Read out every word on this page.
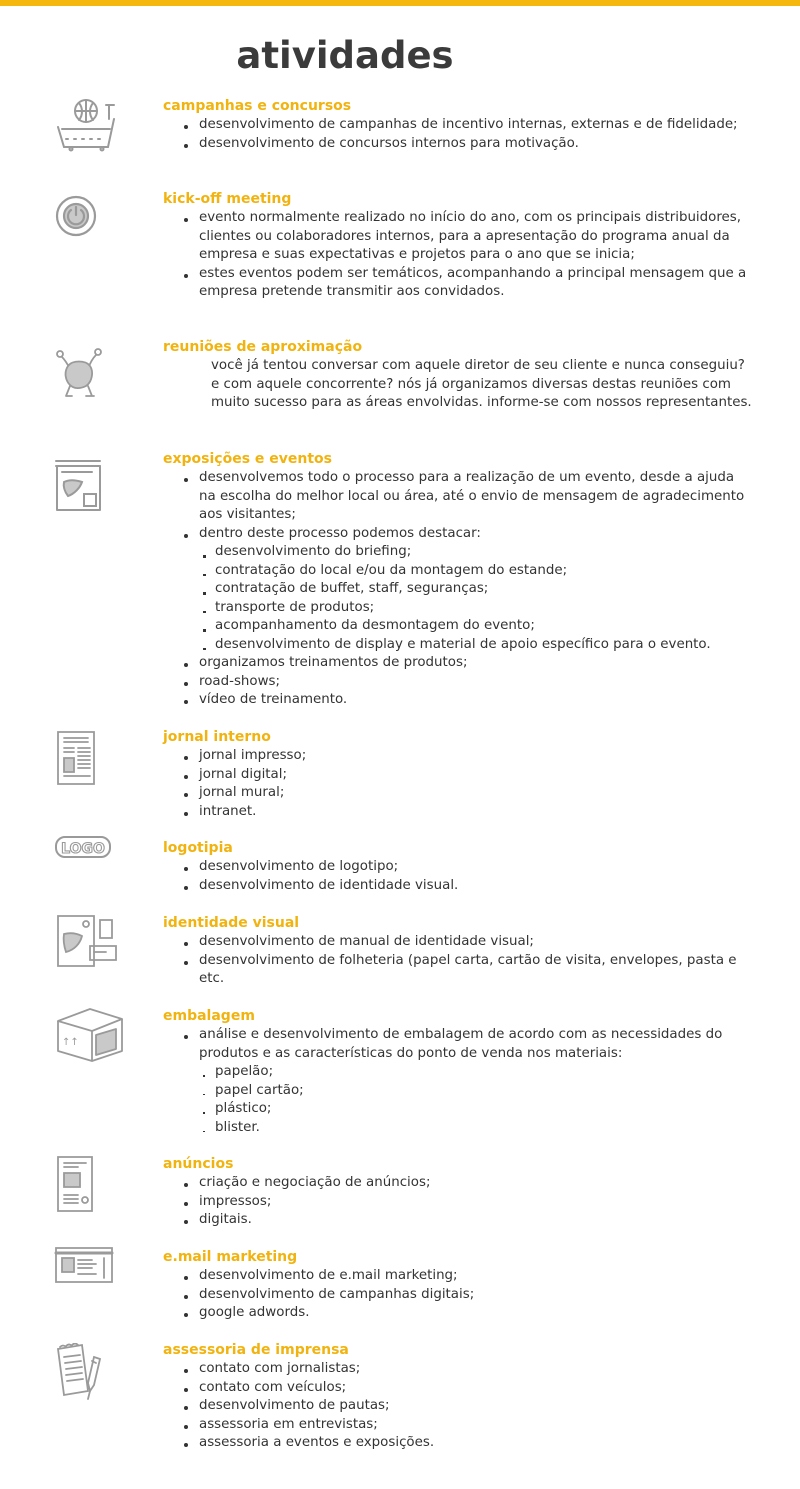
atividades
campanhas e concursos
desenvolvimento de campanhas de incentivo internas, externas e de fidelidade;
desenvolvimento de concursos internos para motivação.
kick-off meeting
evento normalmente realizado no início do ano, com os principais distribuidores, clientes ou colaboradores internos, para a apresentação do programa anual da empresa e suas expectativas e projetos para o ano que se inicia;
estes eventos podem ser temáticos, acompanhando a principal mensagem que a empresa pretende transmitir aos convidados.
reuniões de aproximação

você já tentou conversar com aquele diretor de seu cliente e nunca conseguiu? e com aquele concorrente? nós já organizamos diversas destas reuniões com muito sucesso para as áreas envolvidas. informe-se com nossos representantes.

exposições e eventos
desenvolvemos todo o processo para a realização de um evento, desde a ajuda na escolha do melhor local ou área, até o envio de mensagem de agradecimento aos visitantes;
dentro deste processo podemos destacar:
desenvolvimento do briefing;
contratação do local e/ou da montagem do estande;
contratação de buffet, staff, seguranças;
transporte de produtos;
acompanhamento da desmontagem do evento;
desenvolvimento de display e material de apoio específico para o evento.
organizamos treinamentos de produtos;
road-shows;
vídeo de treinamento.
jornal interno
jornal impresso;
jornal digital;
jornal mural;
intranet.
LOGO	logotipia
desenvolvimento de logotipo;
desenvolvimento de identidade visual.
identidade visual
desenvolvimento de manual de identidade visual;
desenvolvimento de folheteria (papel carta, cartão de visita, envelopes, pasta e etc.
↑↑
embalagem
análise e desenvolvimento de embalagem de acordo com as necessidades do produtos e as características do ponto de venda nos materiais:
papelão;
papel cartão;
plástico;
blister.
anúncios
criação e negociação de anúncios;
impressos;
digitais.
e.mail marketing
desenvolvimento de e.mail marketing;
desenvolvimento de campanhas digitais;
google adwords.
assessoria de imprensa
contato com jornalistas;
contato com veículos;
desenvolvimento de pautas;
assessoria em entrevistas;
assessoria a eventos e exposições.
